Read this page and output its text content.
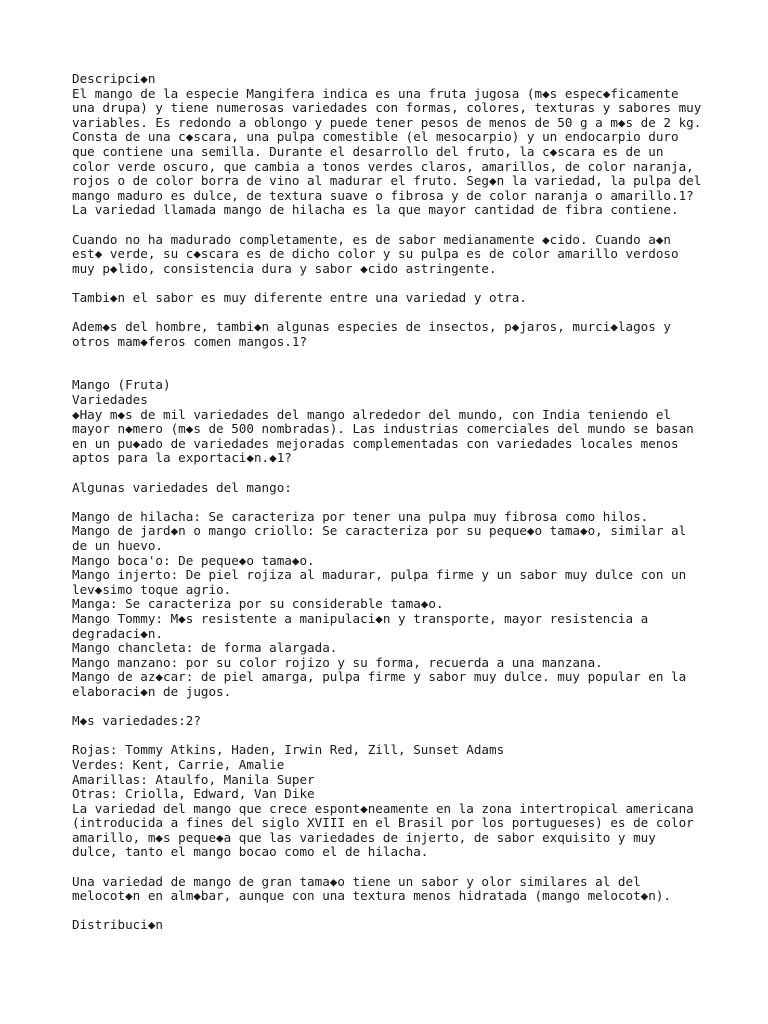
Descripci◆n
El mango de la especie Mangifera indica es una fruta jugosa (m◆s espec◆ficamente
una drupa) y tiene numerosas variedades con formas, colores, texturas y sabores muy
variables. Es redondo a oblongo y puede tener pesos de menos de 50 g a m◆s de 2 kg.
Consta de una c◆scara, una pulpa comestible (el mesocarpio) y un endocarpio duro
que contiene una semilla. Durante el desarrollo del fruto, la c◆scara es de un
color verde oscuro, que cambia a tonos verdes claros, amarillos, de color naranja,
rojos o de color borra de vino al madurar el fruto. Seg◆n la variedad, la pulpa del
mango maduro es dulce, de textura suave o fibrosa y de color naranja o amarillo.1?
La variedad llamada mango de hilacha es la que mayor cantidad de fibra contiene.

Cuando no ha madurado completamente, es de sabor medianamente ◆cido. Cuando a◆n
est◆ verde, su c◆scara es de dicho color y su pulpa es de color amarillo verdoso
muy p◆lido, consistencia dura y sabor ◆cido astringente.

Tambi◆n el sabor es muy diferente entre una variedad y otra.

Adem◆s del hombre, tambi◆n algunas especies de insectos, p◆jaros, murci◆lagos y
otros mam◆feros comen mangos.1?

Mango (Fruta)
Variedades
◆Hay m◆s de mil variedades del mango alrededor del mundo, con India teniendo el
mayor n◆mero (m◆s de 500 nombradas). Las industrias comerciales del mundo se basan
en un pu◆ado de variedades mejoradas complementadas con variedades locales menos
aptos para la exportaci◆n.◆1?

Algunas variedades del mango:

Mango de hilacha: Se caracteriza por tener una pulpa muy fibrosa como hilos.
Mango de jard◆n o mango criollo: Se caracteriza por su peque◆o tama◆o, similar al
de un huevo.
Mango boca'o: De peque◆o tama◆o.
Mango injerto: De piel rojiza al madurar, pulpa firme y un sabor muy dulce con un
lev◆simo toque agrio.
Manga: Se caracteriza por su considerable tama◆o.
Mango Tommy: M◆s resistente a manipulaci◆n y transporte, mayor resistencia a
degradaci◆n.
Mango chancleta: de forma alargada.
Mango manzano: por su color rojizo y su forma, recuerda a una manzana.
Mango de az◆car: de piel amarga, pulpa firme y sabor muy dulce. muy popular en la
elaboraci◆n de jugos.

M◆s variedades:2?

Rojas: Tommy Atkins, Haden, Irwin Red, Zill, Sunset Adams
Verdes: Kent, Carrie, Amalie
Amarillas: Ataulfo, Manila Super
Otras: Criolla, Edward, Van Dike
La variedad del mango que crece espont◆neamente en la zona intertropical americana
(introducida a fines del siglo XVIII en el Brasil por los portugueses) es de color
amarillo, m◆s peque◆a que las variedades de injerto, de sabor exquisito y muy
dulce, tanto el mango bocao como el de hilacha.

Una variedad de mango de gran tama◆o tiene un sabor y olor similares al del
melocot◆n en alm◆bar, aunque con una textura menos hidratada (mango melocot◆n).

Distribuci◆n
